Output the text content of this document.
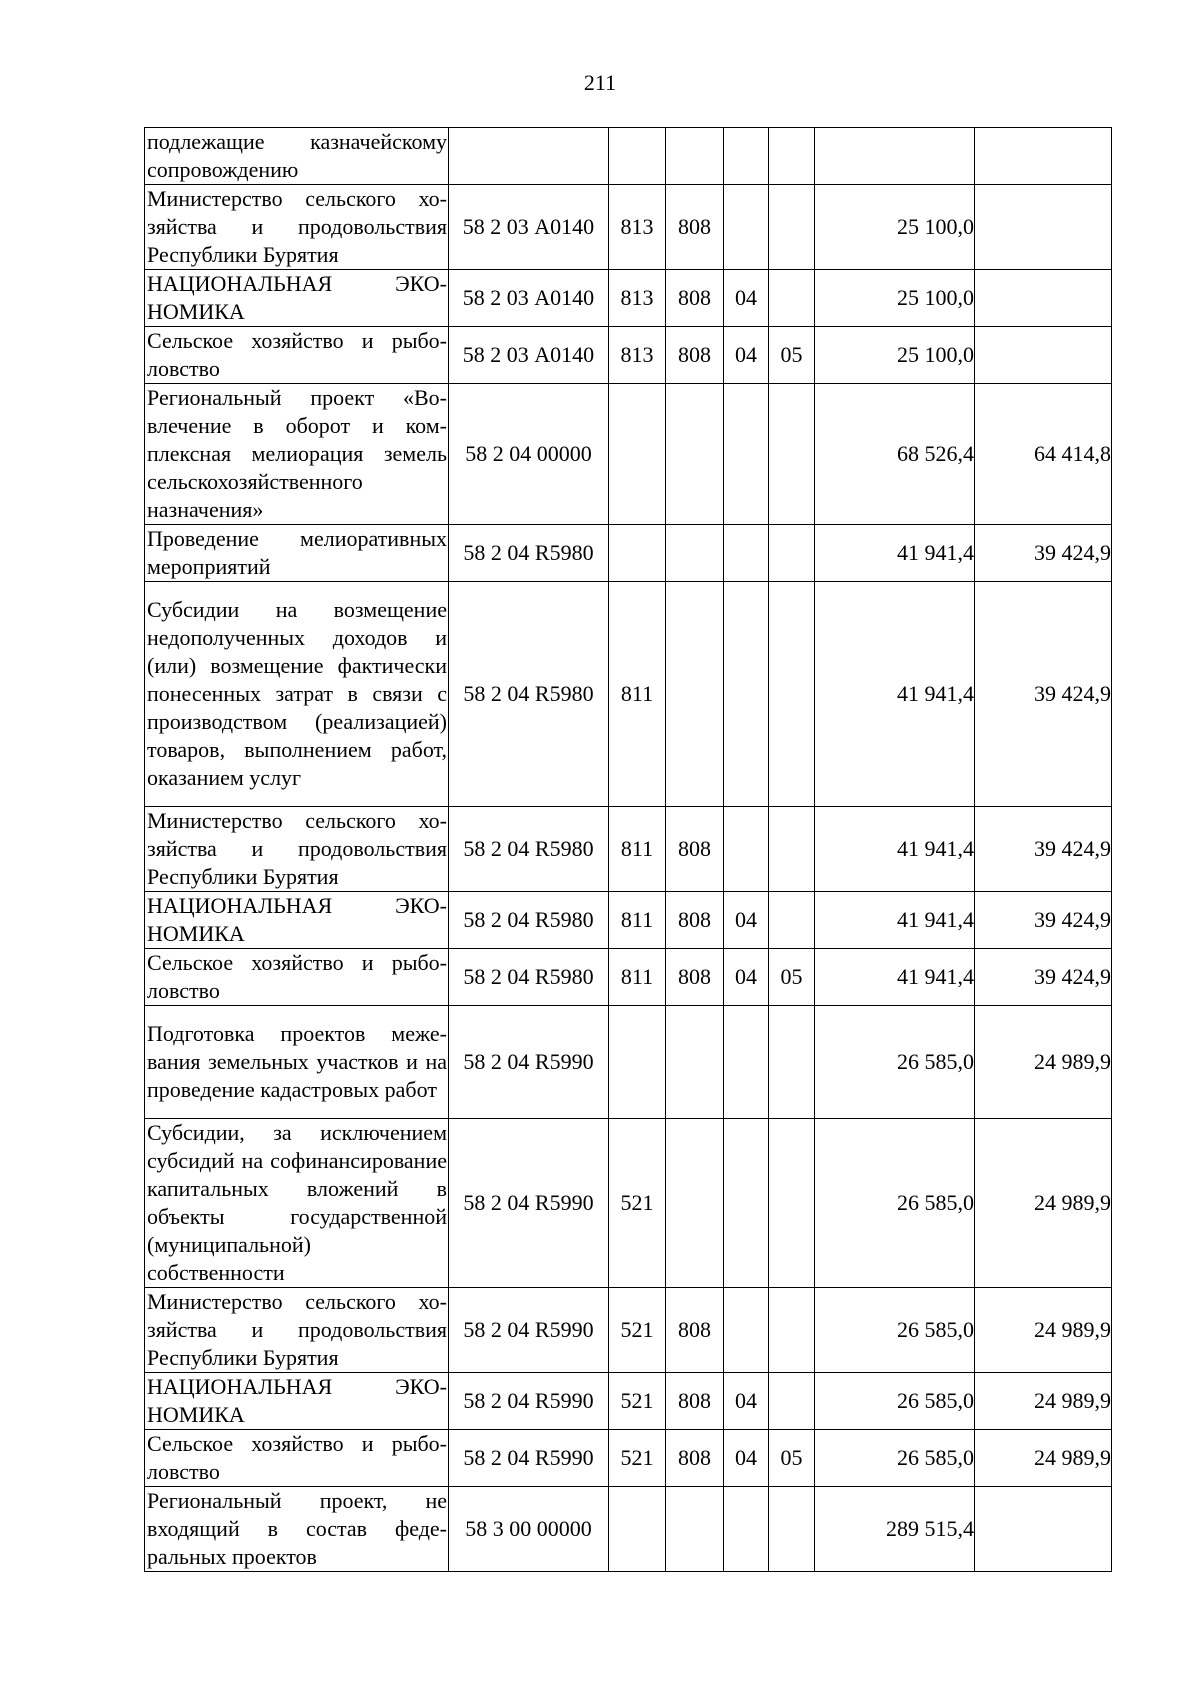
211
подлежащие казначейскому сопровождению							
Министерство сельского хозяйства и продовольствия Республики Бурятия	58 2 03 А0140	813	808			25 100,0	
НАЦИОНАЛЬНАЯ ЭКОНОМИКА	58 2 03 А0140	813	808	04		25 100,0	
Сельское хозяйство и рыболовство	58 2 03 А0140	813	808	04	05	25 100,0	
Региональный проект «Вовлечение в оборот и комплексная мелиорация земель сельскохозяйственного назначения»	58 2 04 00000					68 526,4	64 414,8
Проведение мелиоративных мероприятий	58 2 04 R5980					41 941,4	39 424,9
Субсидии на возмещение недополученных доходов и (или) возмещение фактически понесенных затрат в связи с производством (реализацией) товаров, выполнением работ, оказанием услуг	58 2 04 R5980	811				41 941,4	39 424,9
Министерство сельского хозяйства и продовольствия Республики Бурятия	58 2 04 R5980	811	808			41 941,4	39 424,9
НАЦИОНАЛЬНАЯ ЭКОНОМИКА	58 2 04 R5980	811	808	04		41 941,4	39 424,9
Сельское хозяйство и рыболовство	58 2 04 R5980	811	808	04	05	41 941,4	39 424,9
Подготовка проектов межевания земельных участков и на проведение кадастровых работ	58 2 04 R5990					26 585,0	24 989,9
Субсидии, за исключением субсидий на софинансирование капитальных вложений в объекты государственной (муниципальной) собственности	58 2 04 R5990	521				26 585,0	24 989,9
Министерство сельского хозяйства и продовольствия Республики Бурятия	58 2 04 R5990	521	808			26 585,0	24 989,9
НАЦИОНАЛЬНАЯ ЭКОНОМИКА	58 2 04 R5990	521	808	04		26 585,0	24 989,9
Сельское хозяйство и рыболовство	58 2 04 R5990	521	808	04	05	26 585,0	24 989,9
Региональный проект, не входящий в состав федеральных проектов	58 3 00 00000					289 515,4	
